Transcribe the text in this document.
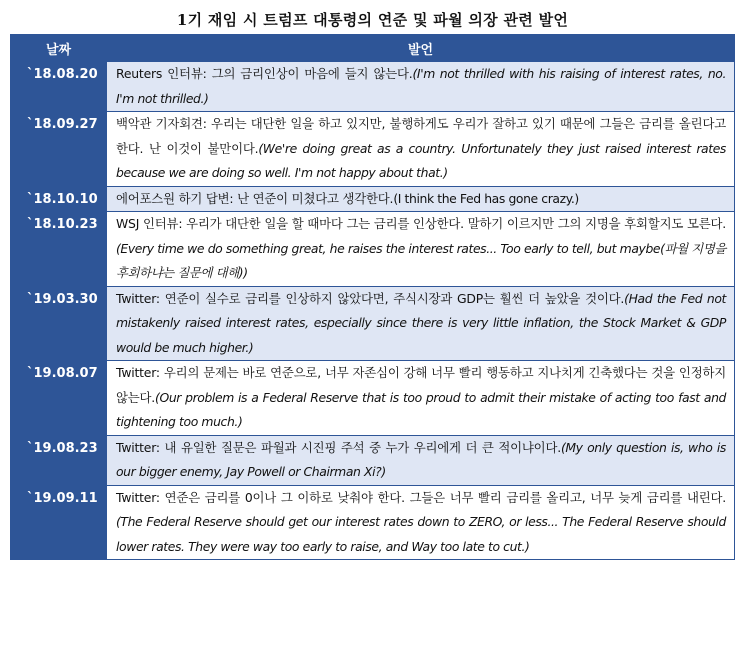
1기 재임 시 트럼프 대통령의 연준 및 파월 의장 관련 발언
날짜	발언
`18.08.20	Reuters 인터뷰: 그의 금리인상이 마음에 들지 않는다.(I'm not thrilled with his raising of interest rates, no. I'm not thrilled.)
`18.09.27	백악관 기자회견: 우리는 대단한 일을 하고 있지만, 불행하게도 우리가 잘하고 있기 때문에 그들은 금리를 올린다고 한다. 난 이것이 불만이다.(We're doing great as a country. Unfortunately they just raised interest rates because we are doing so well. I'm not happy about that.)
`18.10.10	에어포스원 하기 답변: 난 연준이 미쳤다고 생각한다.(I think the Fed has gone crazy.)
`18.10.23	WSJ 인터뷰: 우리가 대단한 일을 할 때마다 그는 금리를 인상한다. 말하기 이르지만 그의 지명을 후회할지도 모른다.(Every time we do something great, he raises the interest rates... Too early to tell, but maybe(파월 지명을 후회하냐는 질문에 대해))
`19.03.30	Twitter: 연준이 실수로 금리를 인상하지 않았다면, 주식시장과 GDP는 훨씬 더 높았을 것이다.(Had the Fed not mistakenly raised interest rates, especially since there is very little inflation, the Stock Market & GDP would be much higher.)
`19.08.07	Twitter: 우리의 문제는 바로 연준으로, 너무 자존심이 강해 너무 빨리 행동하고 지나치게 긴축했다는 것을 인정하지 않는다.(Our problem is a Federal Reserve that is too proud to admit their mistake of acting too fast and tightening too much.)
`19.08.23	Twitter: 내 유일한 질문은 파월과 시진핑 주석 중 누가 우리에게 더 큰 적이냐이다.(My only question is, who is our bigger enemy, Jay Powell or Chairman Xi?)
`19.09.11	Twitter: 연준은 금리를 0이나 그 이하로 낮춰야 한다. 그들은 너무 빨리 금리를 올리고, 너무 늦게 금리를 내린다.(The Federal Reserve should get our interest rates down to ZERO, or less... The Federal Reserve should lower rates. They were way too early to raise, and Way too late to cut.)
